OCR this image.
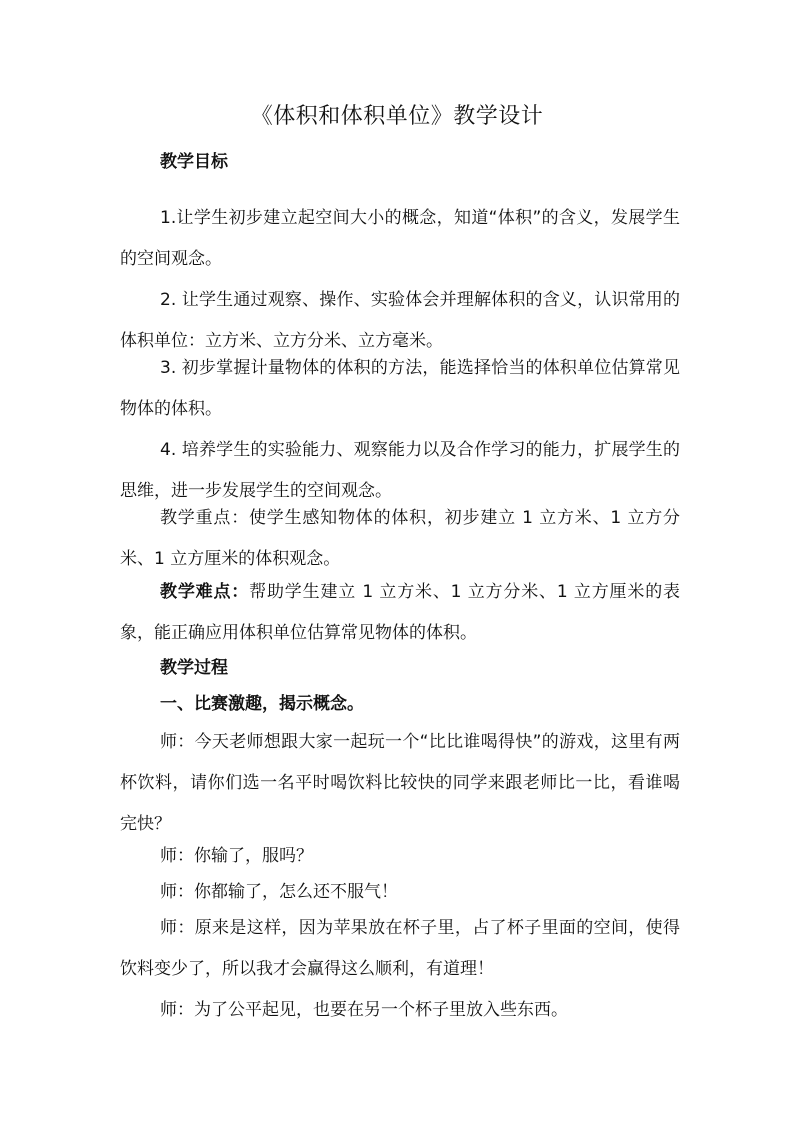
《体积和体积单位》教学设计
教学目标
1.让学生初步建立起空间大小的概念，知道“体积”的含义，发展学生的空间观念。
2. 让学生通过观察、操作、实验体会并理解体积的含义，认识常用的体积单位：立方米、立方分米、立方毫米。
3. 初步掌握计量物体的体积的方法，能选择恰当的体积单位估算常见物体的体积。
4. 培养学生的实验能力、观察能力以及合作学习的能力，扩展学生的思维，进一步发展学生的空间观念。
教学重点：使学生感知物体的体积，初步建立 1 立方米、1 立方分米、1 立方厘米的体积观念。
教学难点：帮助学生建立 1 立方米、1 立方分米、1 立方厘米的表象，能正确应用体积单位估算常见物体的体积。
教学过程
一、比赛激趣，揭示概念。
师：今天老师想跟大家一起玩一个“比比谁喝得快”的游戏，这里有两杯饮料，请你们选一名平时喝饮料比较快的同学来跟老师比一比，看谁喝完快？
师：你输了，服吗？
师：你都输了，怎么还不服气！
师：原来是这样，因为苹果放在杯子里，占了杯子里面的空间，使得饮料变少了，所以我才会赢得这么顺利，有道理！
师：为了公平起见，也要在另一个杯子里放入些东西。
